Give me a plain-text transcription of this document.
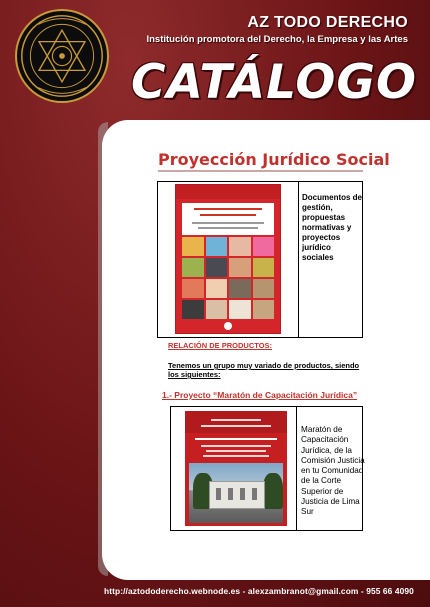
AZ TODO DERECHO
Institución promotora del Derecho, la Empresa y las Artes
CATÁLOGO
Proyección Jurídico Social
Documentos de gestión, propuestas normativas y proyectos jurídico sociales
RELACIÓN DE PRODUCTOS:
Tenemos un grupo muy variado de productos, siendo los siguientes:
1.- Proyecto “Maratón de Capacitación Jurídica”
Maratón de Capacitación Jurídica, de la Comisión Justicia en tu Comunidad de la Corte Superior de Justicia de Lima Sur
http://aztododerecho.webnode.es - alexzambranot@gmail.com - 955 66 4090
